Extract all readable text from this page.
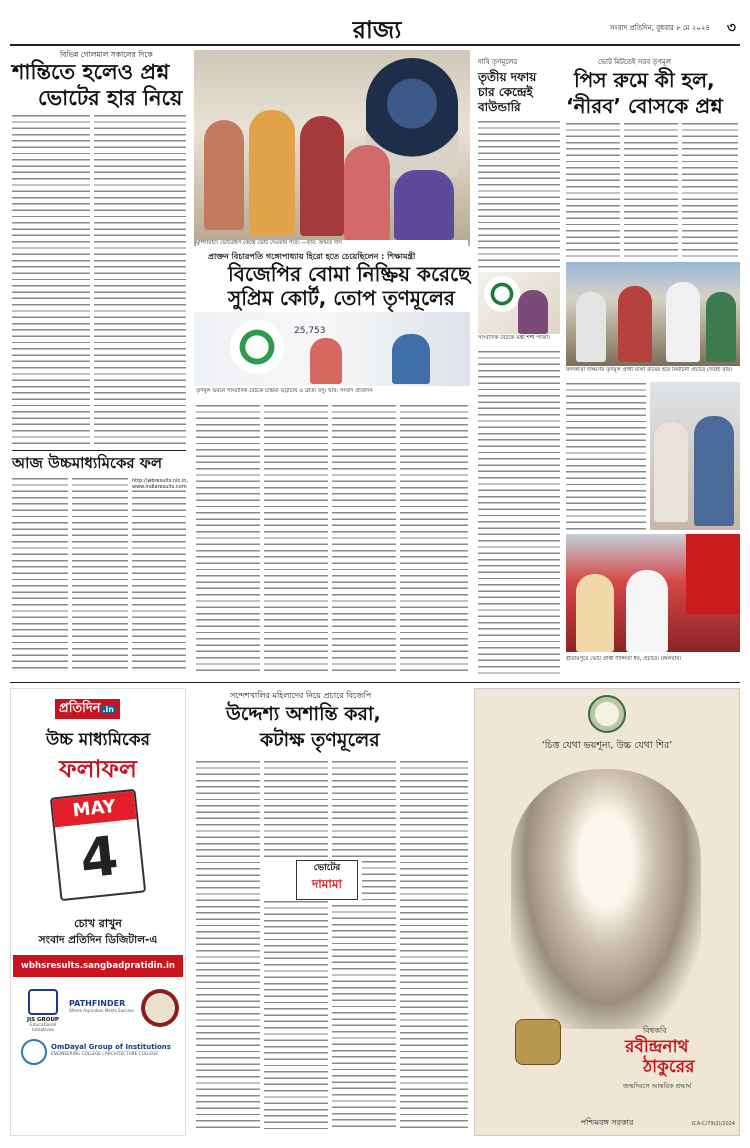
রাজ্য	সংবাদ প্রতিদিন, বুধবার ৮ মে ২০২৪ ৩
বিভিন্ন গোলমাল সকালের দিকে
শান্তিতে হলেও প্রশ্ন
ভোটের হার নিয়ে
আজ উচ্চমাধ্যমিকের ফল
http://wbresults.nic.in, www.indiaresults.com
মুর্শিদাবাদে ভোটগ্রহণ কেন্দ্রে ভোট দেওয়ার পরে। —ছবি: অমিত দাস
প্রাক্তন বিচারপতি গঙ্গোপাধ্যায় হিরো হতে চেয়েছিলেন : শিক্ষামন্ত্রী
বিজেপির বোমা নিষ্ক্রিয় করেছে
সুপ্রিম কোর্ট, তোপ তৃণমূলের
25,753
তৃণমূল ভবনে সাংবাদিক বৈঠকে চন্দ্রিমা ভট্টাচার্য ও ব্রাত্য বসু। ছবি: সংবাদ প্রতিদিন
দাবি তৃণমূলের
তৃতীয় দফায়
চার কেন্দ্রেই
বাউন্ডারি
সাংবাদিক বৈঠকে মন্ত্রী শশী পাঁজা।
ভোট মিটতেই সরব তৃণমূল
পিস রুমে কী হল,
‘নীরব’ বোসকে প্রশ্ন
কলকাতা দক্ষিণের তৃণমূল প্রার্থী মালা রায়ের হয়ে নির্বাচনী প্রচারে দেবশ্রী রায়।
শ্রীরামপুরে ভোট প্রার্থী দীপ্সিতা ধর, প্রচারে। মঙ্গলবার।
প্রতিদিন .in
উচ্চ মাধ্যমিকের
ফলাফল
MAY
4
চোখ রাখুন
সংবাদ প্রতিদিন ডিজিটাল-এ
wbhsresults.sangbadpratidin.in
JIS GROUP
Educational Initiatives
PATHFINDER
Where Aspiration Meets Success
OmDayal Group of Institutions
ENGINEERING COLLEGE | ARCHITECTURE COLLEGE
সন্দেশখালির মহিলাদের নিয়ে প্রচারে বিজেপি
উদ্দেশ্য অশান্তি করা,
কটাক্ষ তৃণমূলের
ভোটের
দামামা
‘চিত্ত যেথা ভয়শূন্য, উচ্চ যেথা শির’
বিশ্বকবি
রবীন্দ্রনাথ
ঠাকুরের
জন্মদিবসে আন্তরিক শ্রদ্ধার্ঘ
পশ্চিমবঙ্গ সরকার	ICA-C/79(2)/2024
